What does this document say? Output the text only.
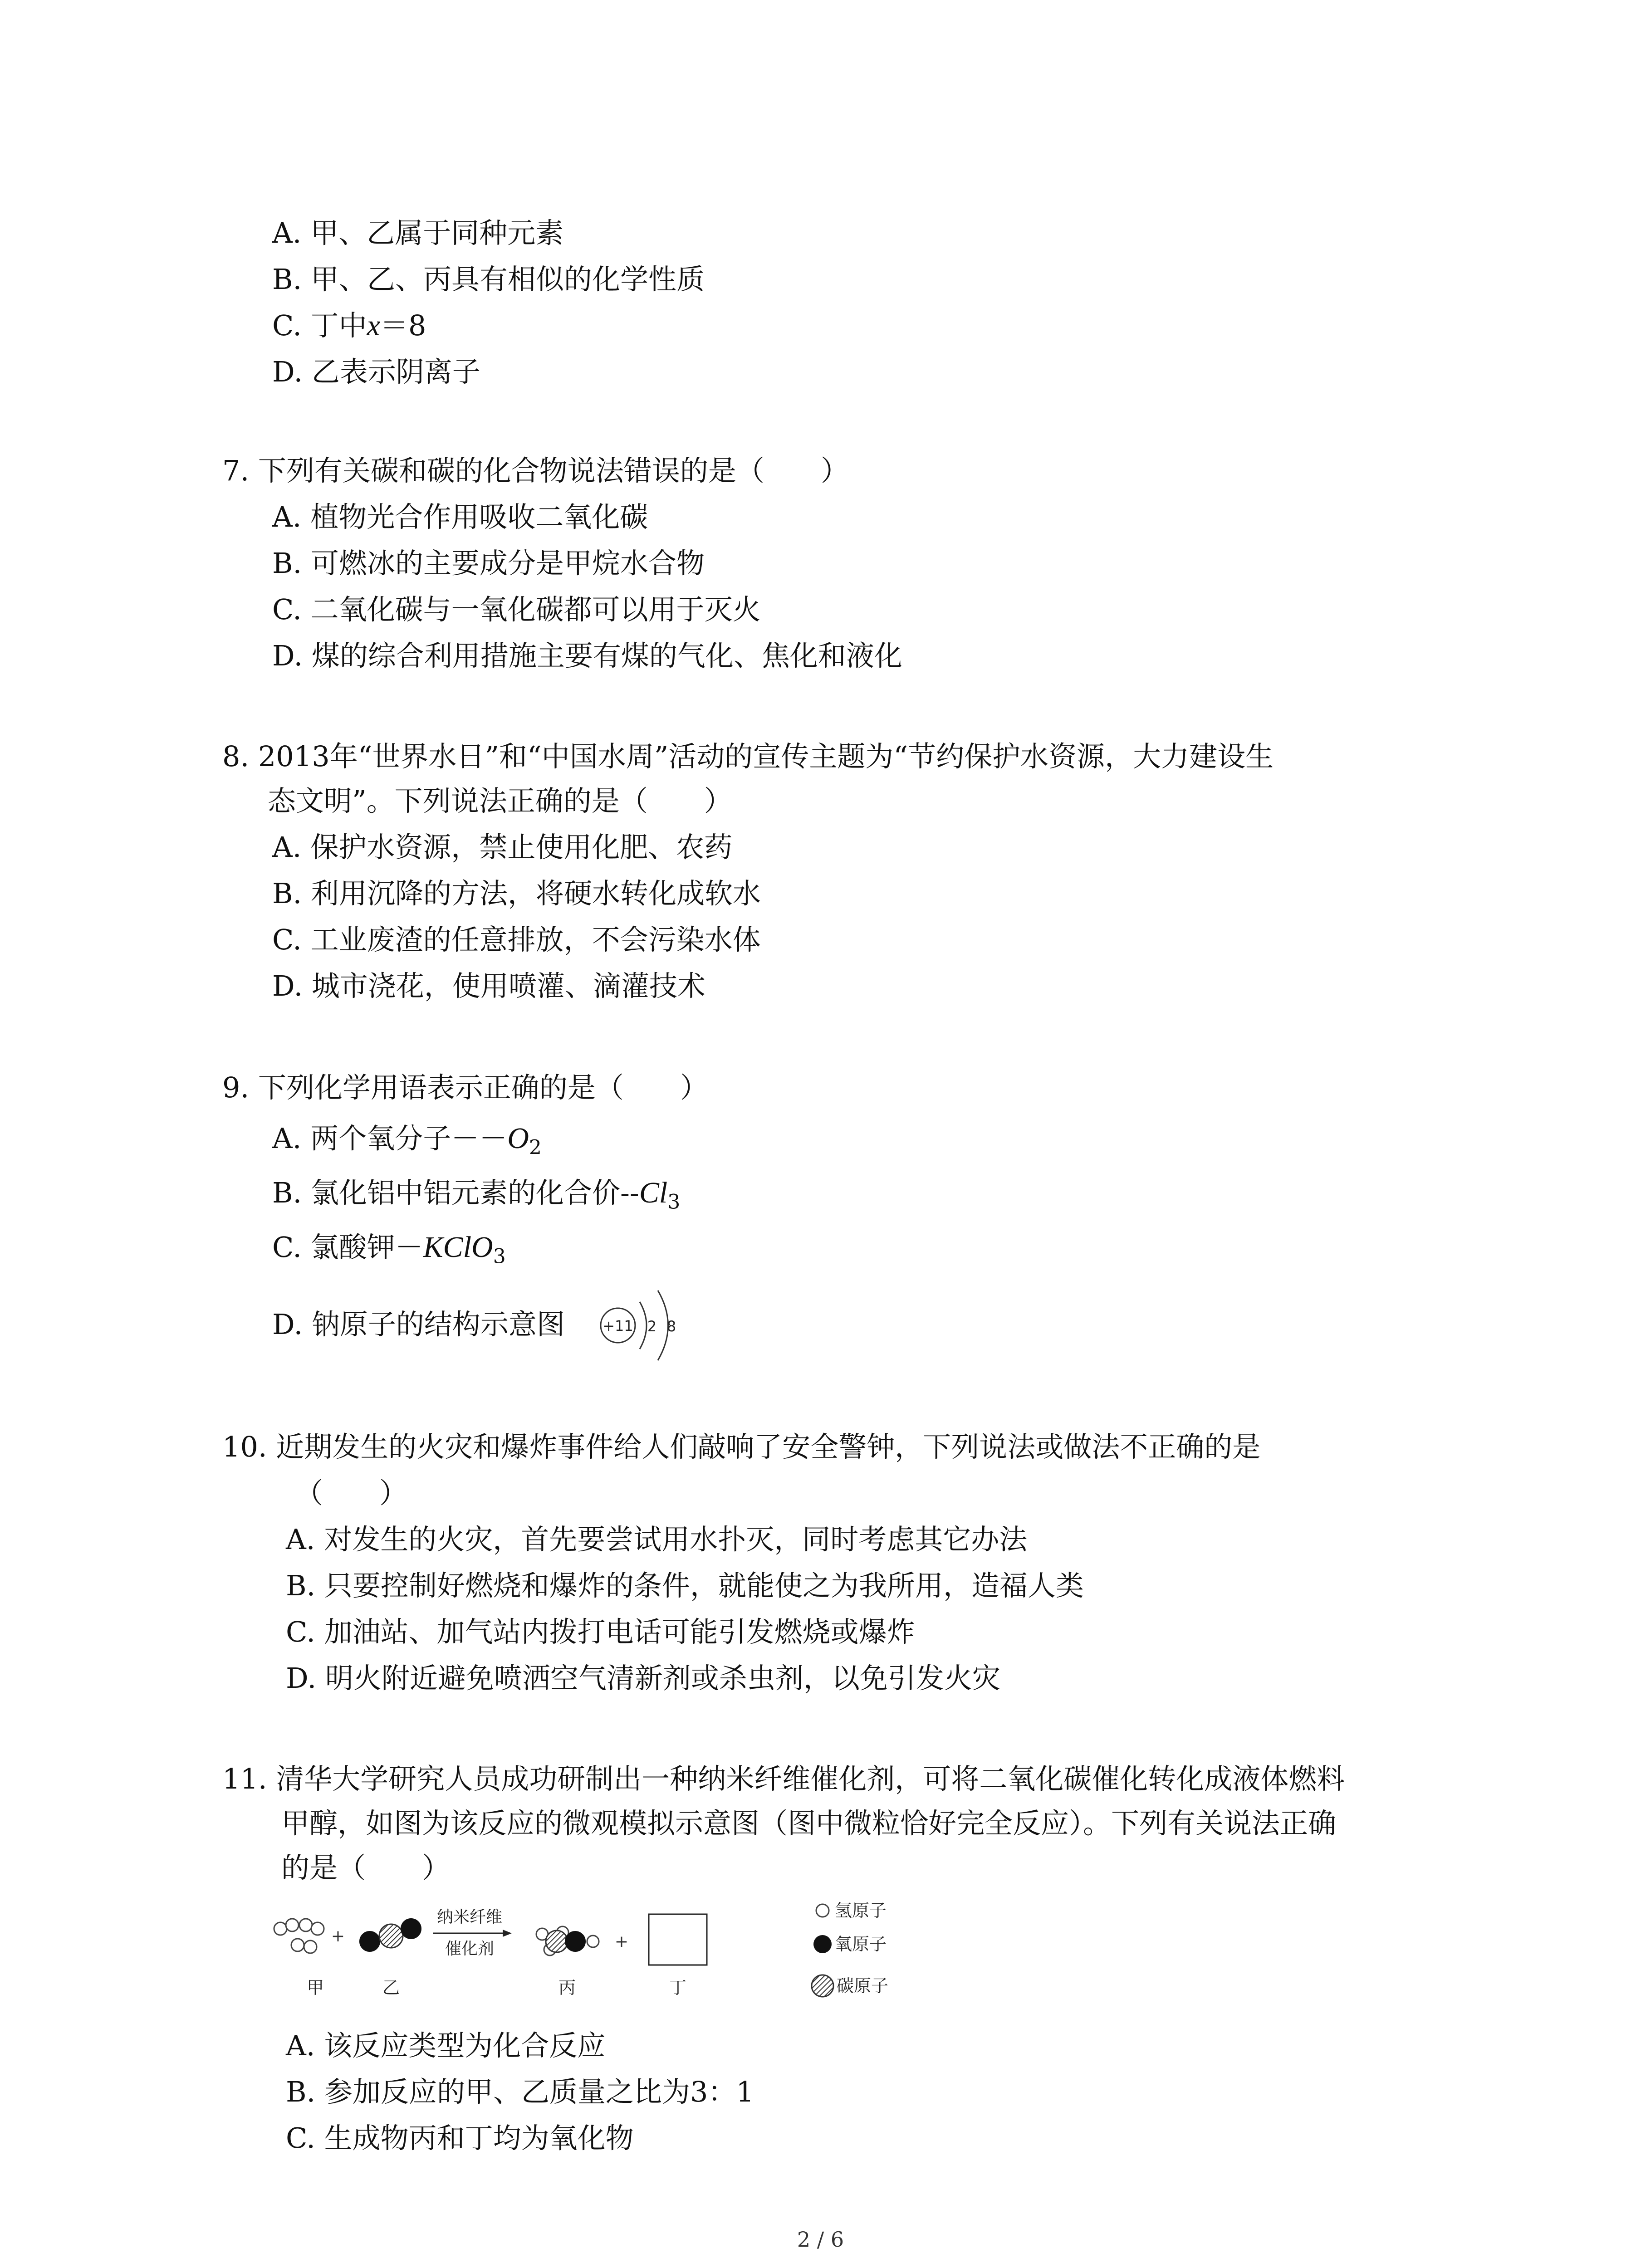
A. 甲、乙属于同种元素
B. 甲、乙、丙具有相似的化学性质
C. 丁中x＝8
D. 乙表示阴离子
7. 下列有关碳和碳的化合物说法错误的是（　　）
A. 植物光合作用吸收二氧化碳
B. 可燃冰的主要成分是甲烷水合物
C. 二氧化碳与一氧化碳都可以用于灭火
D. 煤的综合利用措施主要有煤的气化、焦化和液化
8. 2013年“世界水日”和“中国水周”活动的宣传主题为“节约保护水资源，大力建设生
态文明”。下列说法正确的是（　　）
A. 保护水资源，禁止使用化肥、农药
B. 利用沉降的方法，将硬水转化成软水
C. 工业废渣的任意排放，不会污染水体
D. 城市浇花，使用喷灌、滴灌技术
9. 下列化学用语表示正确的是（　　）
A. 两个氧分子$--O_2$
B. 氯化铝中铝元素的化合价$--Cl_3$
C. 氯酸钾－KClO$_3$
D. 钠原子的结构示意图	+11 2 8
10. 近期发生的火灾和爆炸事件给人们敲响了安全警钟，下列说法或做法不正确的是
（　　）
A. 对发生的火灾，首先要尝试用水扑灭，同时考虑其它办法
B. 只要控制好燃烧和爆炸的条件，就能使之为我所用，造福人类
C. 加油站、加气站内拨打电话可能引发燃烧或爆炸
D. 明火附近避免喷洒空气清新剂或杀虫剂，以免引发火灾
11. 清华大学研究人员成功研制出一种纳米纤维催化剂，可将二氧化碳催化转化成液体燃料
甲醇，如图为该反应的微观模拟示意图（图中微粒恰好完全反应）。下列有关说法正确
的是（　　）
+
纳米纤维
催化剂	+
甲	乙	丙	丁
氢原子
氧原子
碳原子
A. 该反应类型为化合反应
B. 参加反应的甲、乙质量之比为3：1
C. 生成物丙和丁均为氧化物
2 / 6
